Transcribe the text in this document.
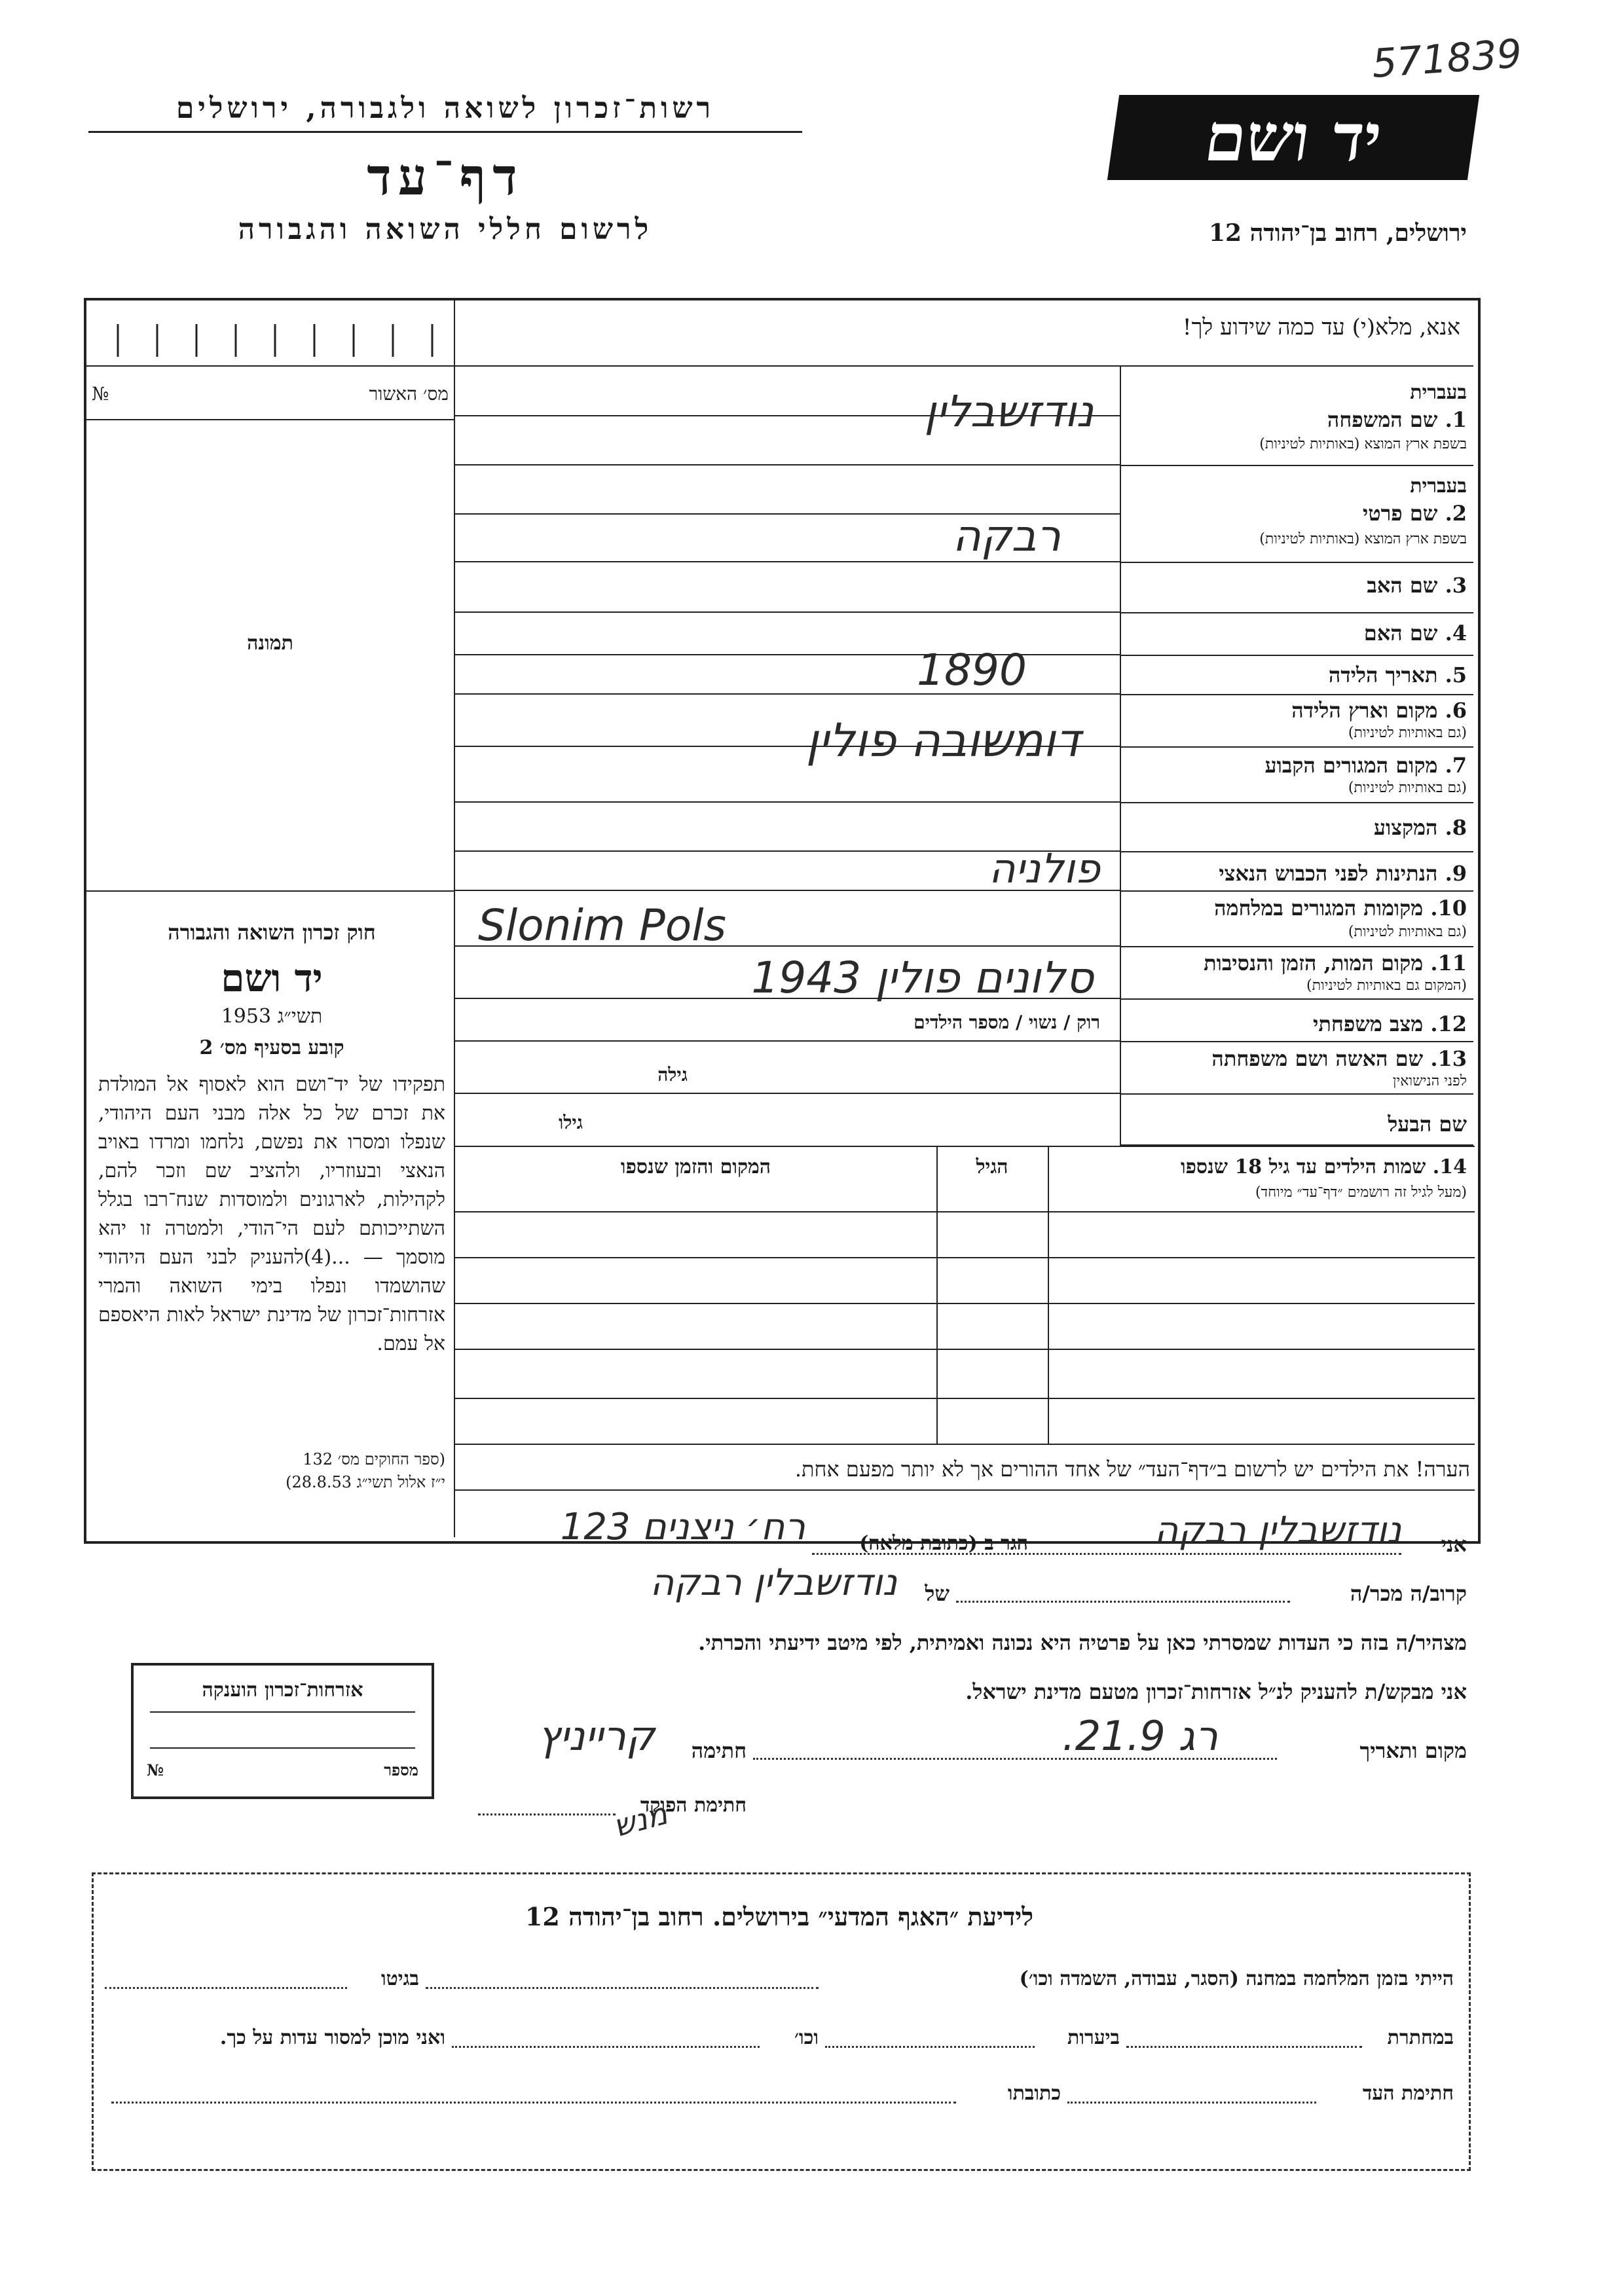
571839
רשות־זכרון לשואה ולגבורה, ירושלים
דף־עד
לרשום חללי השואה והגבורה
יד ושם
ירושלים, רחוב בן־יהודה 12
אנא, מלא(י) עד כמה שידוע לך!
מס׳ האשור
№
תמונה
חוק זכרון השואה והגבורה
יד ושם
תשי״ג 1953
קובע בסעיף מס׳ 2
תפקידו של יד־ושם הוא לאסוף אל המולדת את זכרם של כל אלה מבני העם היהודי, שנפלו ומסרו את נפשם, נלחמו ומרדו באויב הנאצי ובעוזריו, ולהציב שם וזכר להם, לקהילות, לארגונים ולמוסדות שנח־רבו בגלל השתייכותם לעם הי־הודי, ולמטרה זו יהא מוסמך — ...(4)להעניק לבני העם היהודי שהושמדו ונפלו בימי השואה והמרי אזרחות־זכרון של מדינת ישראל לאות היאספם אל עמם.
(ספר החוקים מס׳ 132
י״ז אלול תשי״ג 28.8.53)
בעברית
1. שם המשפחה
בשפת ארץ המוצא (באותיות לטיניות)
נודזשבלין
בעברית
2. שם פרטי
בשפת ארץ המוצא (באותיות לטיניות)
רבקה
3. שם האב
4. שם האם
5. תאריך הלידה
1890
6. מקום וארץ הלידה
(גם באותיות לטיניות)
דומשובה פולין	7. מקום המגורים הקבוע
(גם באותיות לטיניות)
8. המקצוע
9. הנתינות לפני הכבוש הנאצי
פולניה
10. מקומות המגורים במלחמה
(גם באותיות לטיניות)
Slonim Pols
11. מקום המות, הזמן והנסיבות
(המקום גם באותיות לטיניות)
סלונים פולין 1943
12. מצב משפחתי
רוק / נשוי / מספר הילדים
13. שם האשה ושם משפחתה
לפני הנישואין
גילה
שם הבעל
גילו
14. שמות הילדים עד גיל 18 שנספו
(מעל לגיל זה רושמים ״דף־עד״ מיוחד)
הגיל
המקום והזמן שנספו
הערה! את הילדים יש לרשום ב״דף־העד״ של אחד ההורים אך לא יותר מפעם אחת.
אני
נודזשבלין רבקה
הגר ב (כתובת מלאה)
רח׳ ניצנים 123
קרוב/ה מכר/ה
של
נודזשבלין רבקה
מצהיר/ה בזה כי העדות שמסרתי כאן על פרטיה היא נכונה ואמיתית, לפי מיטב ידיעתי והכרתי.
אני מבקש/ת להעניק לנ״ל אזרחות־זכרון מטעם מדינת ישראל.
מקום ותאריך
רג 21.9.
חתימה
קרייניץ
חתימת הפוקד
מנש
אזרחות־זכרון הוענקה
מספר
№
לידיעת ״האגף המדעי״ בירושלים. רחוב בן־יהודה 12
הייתי בזמן המלחמה במחנה (הסגר, עבודה, השמדה וכו׳)
בגיטו
במחתרת
ביערות
וכו׳
ואני מוכן למסור עדות על כך.
חתימת העד
כתובתו
